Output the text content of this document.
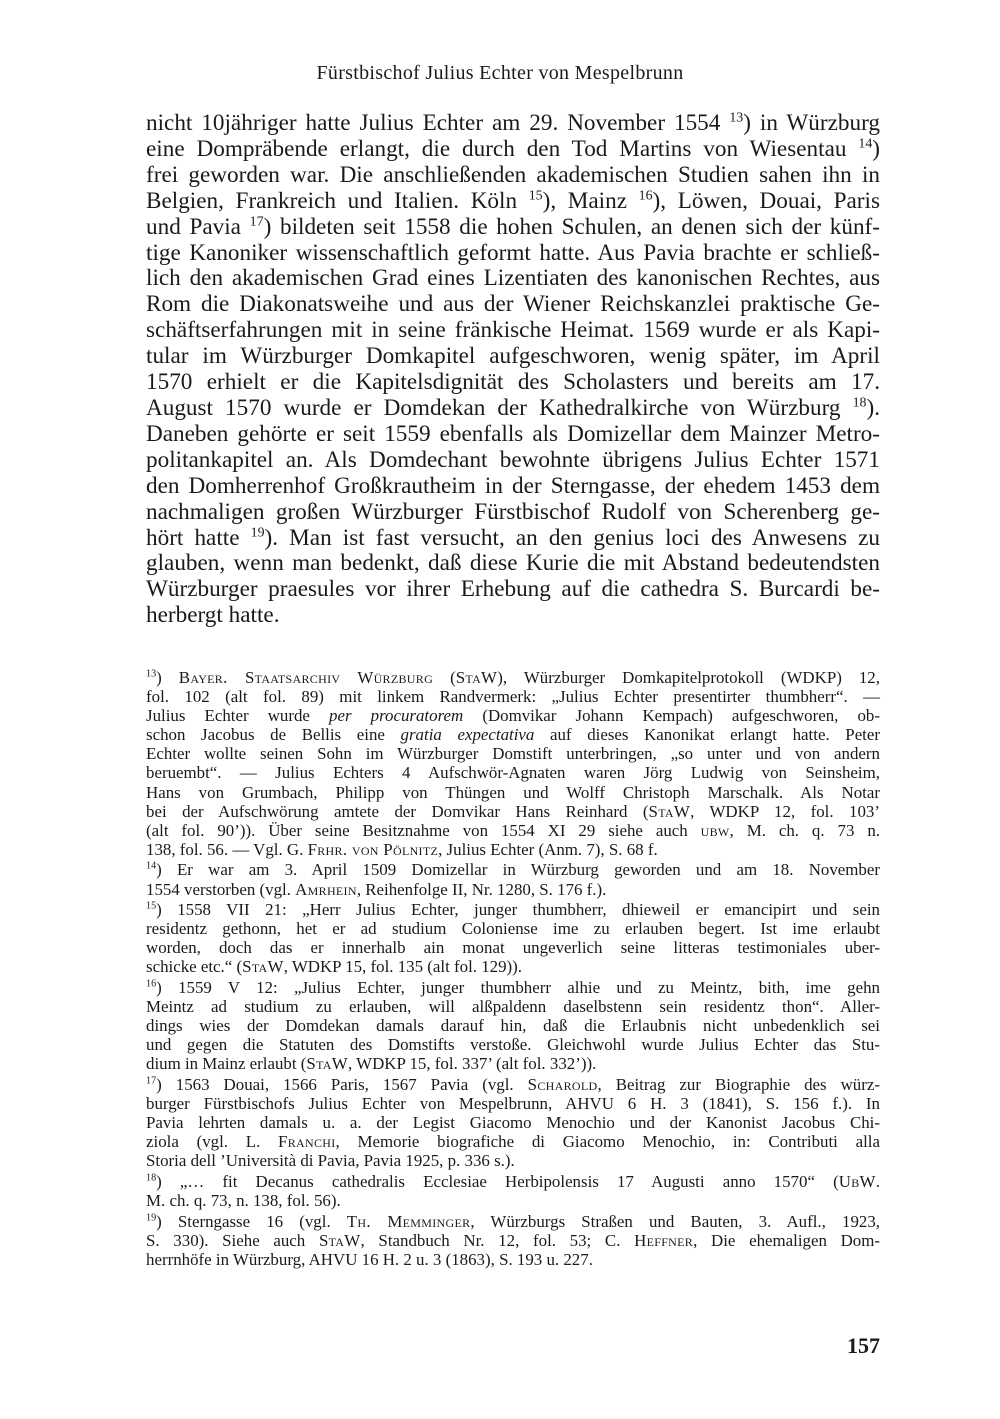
Fürstbischof Julius Echter von Mespelbrunn
nicht 10jähriger hatte Julius Echter am 29. November 1554 $^{13}$) in Würzburg
eine Dompräbende erlangt, die durch den Tod Martins von Wiesentau $^{14}$)
frei geworden war. Die anschließenden akademischen Studien sahen ihn in
Belgien, Frankreich und Italien. Köln $^{15}$), Mainz $^{16}$), Löwen, Douai, Paris
und Pavia $^{17}$) bildeten seit 1558 die hohen Schulen, an denen sich der künf-
tige Kanoniker wissenschaftlich geformt hatte. Aus Pavia brachte er schließ-
lich den akademischen Grad eines Lizentiaten des kanonischen Rechtes, aus
Rom die Diakonatsweihe und aus der Wiener Reichskanzlei praktische Ge-
schäftserfahrungen mit in seine fränkische Heimat. 1569 wurde er als Kapi-
tular im Würzburger Domkapitel aufgeschworen, wenig später, im April
1570 erhielt er die Kapitelsdignität des Scholasters und bereits am 17.
August 1570 wurde er Domdekan der Kathedralkirche von Würzburg $^{18}$).
Daneben gehörte er seit 1559 ebenfalls als Domizellar dem Mainzer Metro-
politankapitel an. Als Domdechant bewohnte übrigens Julius Echter 1571
den Domherrenhof Großkrautheim in der Sterngasse, der ehedem 1453 dem
nachmaligen großen Würzburger Fürstbischof Rudolf von Scherenberg ge-
hört hatte $^{19}$). Man ist fast versucht, an den genius loci des Anwesens zu
glauben, wenn man bedenkt, daß diese Kurie die mit Abstand bedeutendsten
Würzburger praesules vor ihrer Erhebung auf die cathedra S. Burcardi be-
herbergt hatte.
$^{13}$) Bayer. Staatsarchiv Würzburg (StaW), Würzburger Domkapitelprotokoll (WDKP) 12,
fol. 102 (alt fol. 89) mit linkem Randvermerk: „Julius Echter presentirter thumbherr“. —
Julius Echter wurde per procuratorem (Domvikar Johann Kempach) aufgeschworen, ob-
schon Jacobus de Bellis eine gratia expectativa auf dieses Kanonikat erlangt hatte. Peter
Echter wollte seinen Sohn im Würzburger Domstift unterbringen, „so unter und von andern
beruembt“. — Julius Echters 4 Aufschwör-Agnaten waren Jörg Ludwig von Seinsheim,
Hans von Grumbach, Philipp von Thüngen und Wolff Christoph Marschalk. Als Notar
bei der Aufschwörung amtete der Domvikar Hans Reinhard (StaW, WDKP 12, fol. 103’
(alt fol. 90’)). Über seine Besitznahme von 1554 XI 29 siehe auch ubw, M. ch. q. 73 n.
138, fol. 56. — Vgl. G. Frhr. von Pölnitz, Julius Echter (Anm. 7), S. 68 f.
$^{14}$) Er war am 3. April 1509 Domizellar in Würzburg geworden und am 18. November
1554 verstorben (vgl. Amrhein, Reihenfolge II, Nr. 1280, S. 176 f.).
$^{15}$) 1558 VII 21: „Herr Julius Echter, junger thumbherr, dhieweil er emancipirt und sein
residentz gethonn, het er ad studium Coloniense ime zu erlauben begert. Ist ime erlaubt
worden, doch das er innerhalb ain monat ungeverlich seine litteras testimoniales uber-
schicke etc.“ (StaW, WDKP 15, fol. 135 (alt fol. 129)).
$^{16}$) 1559 V 12: „Julius Echter, junger thumbherr alhie und zu Meintz, bith, ime gehn
Meintz ad studium zu erlauben, will alßpaldenn daselbstenn sein residentz thon“. Aller-
dings wies der Domdekan damals darauf hin, daß die Erlaubnis nicht unbedenklich sei
und gegen die Statuten des Domstifts verstoße. Gleichwohl wurde Julius Echter das Stu-
dium in Mainz erlaubt (StaW, WDKP 15, fol. 337’ (alt fol. 332’)).
$^{17}$) 1563 Douai, 1566 Paris, 1567 Pavia (vgl. Scharold, Beitrag zur Biographie des würz-
burger Fürstbischofs Julius Echter von Mespelbrunn, AHVU 6 H. 3 (1841), S. 156 f.). In
Pavia lehrten damals u. a. der Legist Giacomo Menochio und der Kanonist Jacobus Chi-
ziola (vgl. L. Franchi, Memorie biografiche di Giacomo Menochio, in: Contributi alla
Storia dell ’Università di Pavia, Pavia 1925, p. 336 s.).
$^{18}$) „… fit Decanus cathedralis Ecclesiae Herbipolensis 17 Augusti anno 1570“ (UbW.
M. ch. q. 73, n. 138, fol. 56).
$^{19}$) Sterngasse 16 (vgl. Th. Memminger, Würzburgs Straßen und Bauten, 3. Aufl., 1923,
S. 330). Siehe auch StaW, Standbuch Nr. 12, fol. 53; C. Heffner, Die ehemaligen Dom-
herrnhöfe in Würzburg, AHVU 16 H. 2 u. 3 (1863), S. 193 u. 227.
157
